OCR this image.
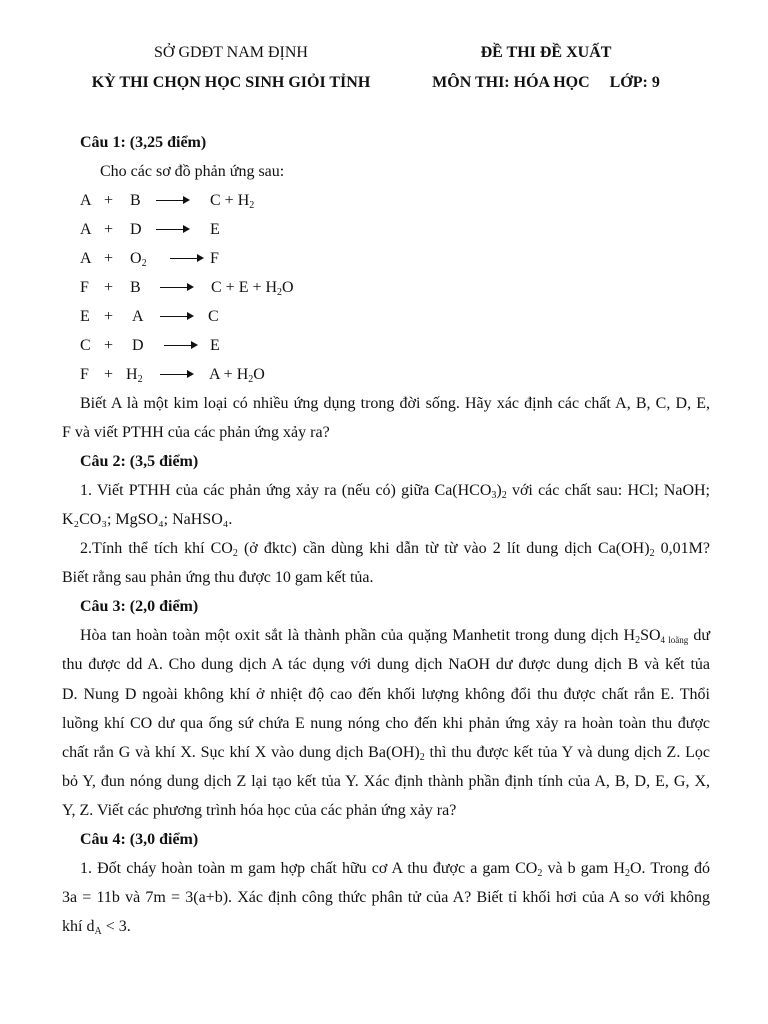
SỞ GDĐT NAM ĐỊNH
KỲ THI CHỌN HỌC SINH GIỎI TỈNH
ĐỀ THI ĐỀ XUẤT
MÔN THI: HÓA HỌC     LỚP: 9
Câu 1: (3,25 điểm)
Cho các sơ đồ phản ứng sau:
A + B	$C + H_2$
A + D	E
$A + O_2$	F
F + B	$C + E + H_2O$
E + A	C
C + D	E
$F + H_2$	$A + H_2O$
Biết A là một kim loại có nhiều ứng dụng trong đời sống. Hãy xác định các chất A, B, C, D, E,
F và viết PTHH của các phản ứng xảy ra?
Câu 2: (3,5 điểm)
1. Viết PTHH của các phản ứng xảy ra (nếu có) giữa $Ca(HCO_3)_2$ với các chất sau: HCl; NaOH;
K₂CO₃; MgSO₄; NaHSO₄.
2.Tính thể tích khí $CO_2$ (ở đktc) cần dùng khi dẫn từ từ vào 2 lít dung dịch $Ca(OH)_2$ 0,01M?
Biết rằng sau phản ứng thu được 10 gam kết tủa.
Câu 3: (2,0 điểm)
Hòa tan hoàn toàn một oxit sắt là thành phần của quặng Manhetit trong dung dịch $H_2SO_{4 loãng}$ dư
thu được dd A. Cho dung dịch A tác dụng với dung dịch NaOH dư được dung dịch B và kết tủa
D. Nung D ngoài không khí ở nhiệt độ cao đến khối lượng không đổi thu được chất rắn E. Thổi
luồng khí CO dư qua ống sứ chứa E nung nóng cho đến khi phản ứng xảy ra hoàn toàn thu được
chất rắn G và khí X. Sục khí X vào dung dịch $Ba(OH)_2$ thì thu được kết tủa Y và dung dịch Z. Lọc
bỏ Y, đun nóng dung dịch Z lại tạo kết tủa Y. Xác định thành phần định tính của A, B, D, E, G, X,
Y, Z. Viết các phương trình hóa học của các phản ứng xảy ra?
Câu 4: (3,0 điểm)
1. Đốt cháy hoàn toàn m gam hợp chất hữu cơ A thu được a gam $CO_2$ và b gam $H_2O$. Trong đó
3a = 11b và 7m = 3(a+b). Xác định công thức phân tử của A? Biết tỉ khối hơi của A so với không
khí $d_A < 3$.
